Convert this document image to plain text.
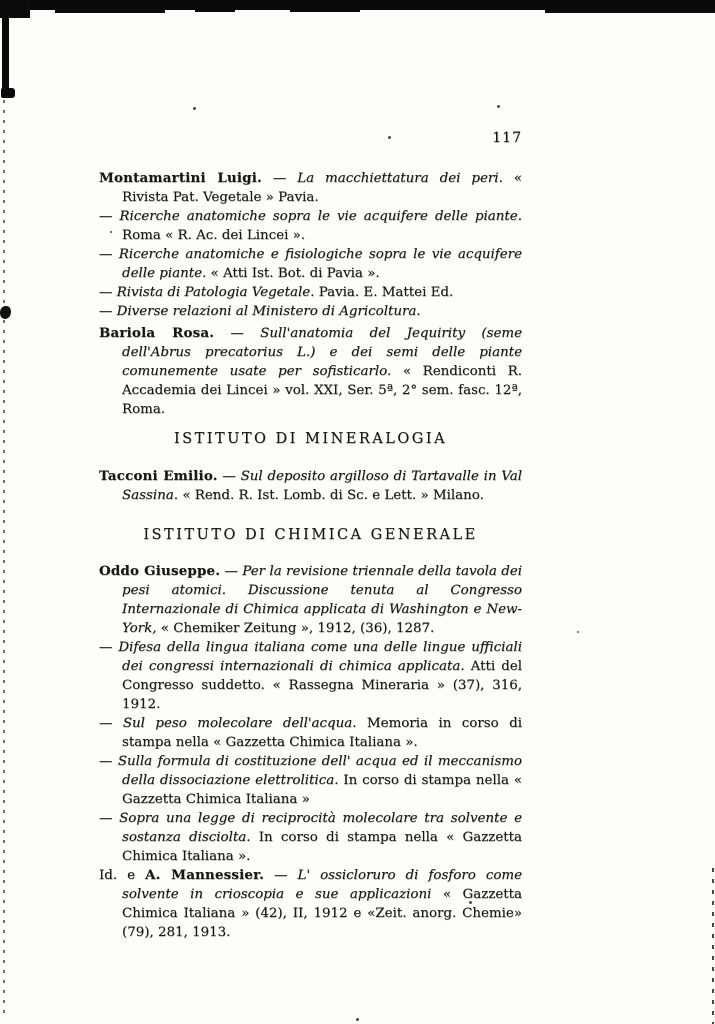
117

Montamartini Luigi. — La macchiettatura dei peri. « Rivista Pat. Vegetale » Pavia.

— Ricerche anatomiche sopra le vie acquifere delle piante. Roma « R. Ac. dei Lincei ».

— Ricerche anatomiche e fisiologiche sopra le vie acquifere delle piante. « Atti Ist. Bot. di Pavia ».

— Rivista di Patologia Vegetale. Pavia. E. Mattei Ed.

— Diverse relazioni al Ministero di Agricoltura.

Bariola Rosa. — Sull'anatomia del Jequirity (seme dell'Abrus precatorius L.) e dei semi delle piante comunemente usate per sofisticarlo. « Rendiconti R. Accademia dei Lincei » vol. XXI, Ser. 5ª, 2° sem. fasc. 12ª, Roma.

ISTITUTO DI MINERALOGIA

Tacconi Emilio. — Sul deposito argilloso di Tartavalle in Val Sassina. « Rend. R. Ist. Lomb. di Sc. e Lett. » Milano.

ISTITUTO DI CHIMICA GENERALE

Oddo Giuseppe. — Per la revisione triennale della tavola dei pesi atomici. Discussione tenuta al Congresso Internazionale di Chimica applicata di Washington e New-York, « Chemiker Zeitung », 1912, (36), 1287.

— Difesa della lingua italiana come una delle lingue ufficiali dei congressi internazionali di chimica applicata. Atti del Congresso suddetto. « Rassegna Mineraria » (37), 316, 1912.

— Sul peso molecolare dell'acqua. Memoria in corso di stampa nella « Gazzetta Chimica Italiana ».

— Sulla formula di costituzione dell' acqua ed il meccanismo della dissociazione elettrolitica. In corso di stampa nella « Gazzetta Chimica Italiana »

— Sopra una legge di reciprocità molecolare tra solvente e sostanza disciolta. In corso di stampa nella « Gazzetta Chimica Italiana ».

Id. e A. Mannessier. — L' ossicloruro di fosforo come solvente in crioscopia e sue applicazioni « Gazzetta Chimica Italiana » (42), II, 1912 e «Zeit. anorg. Chemie» (79), 281, 1913.
